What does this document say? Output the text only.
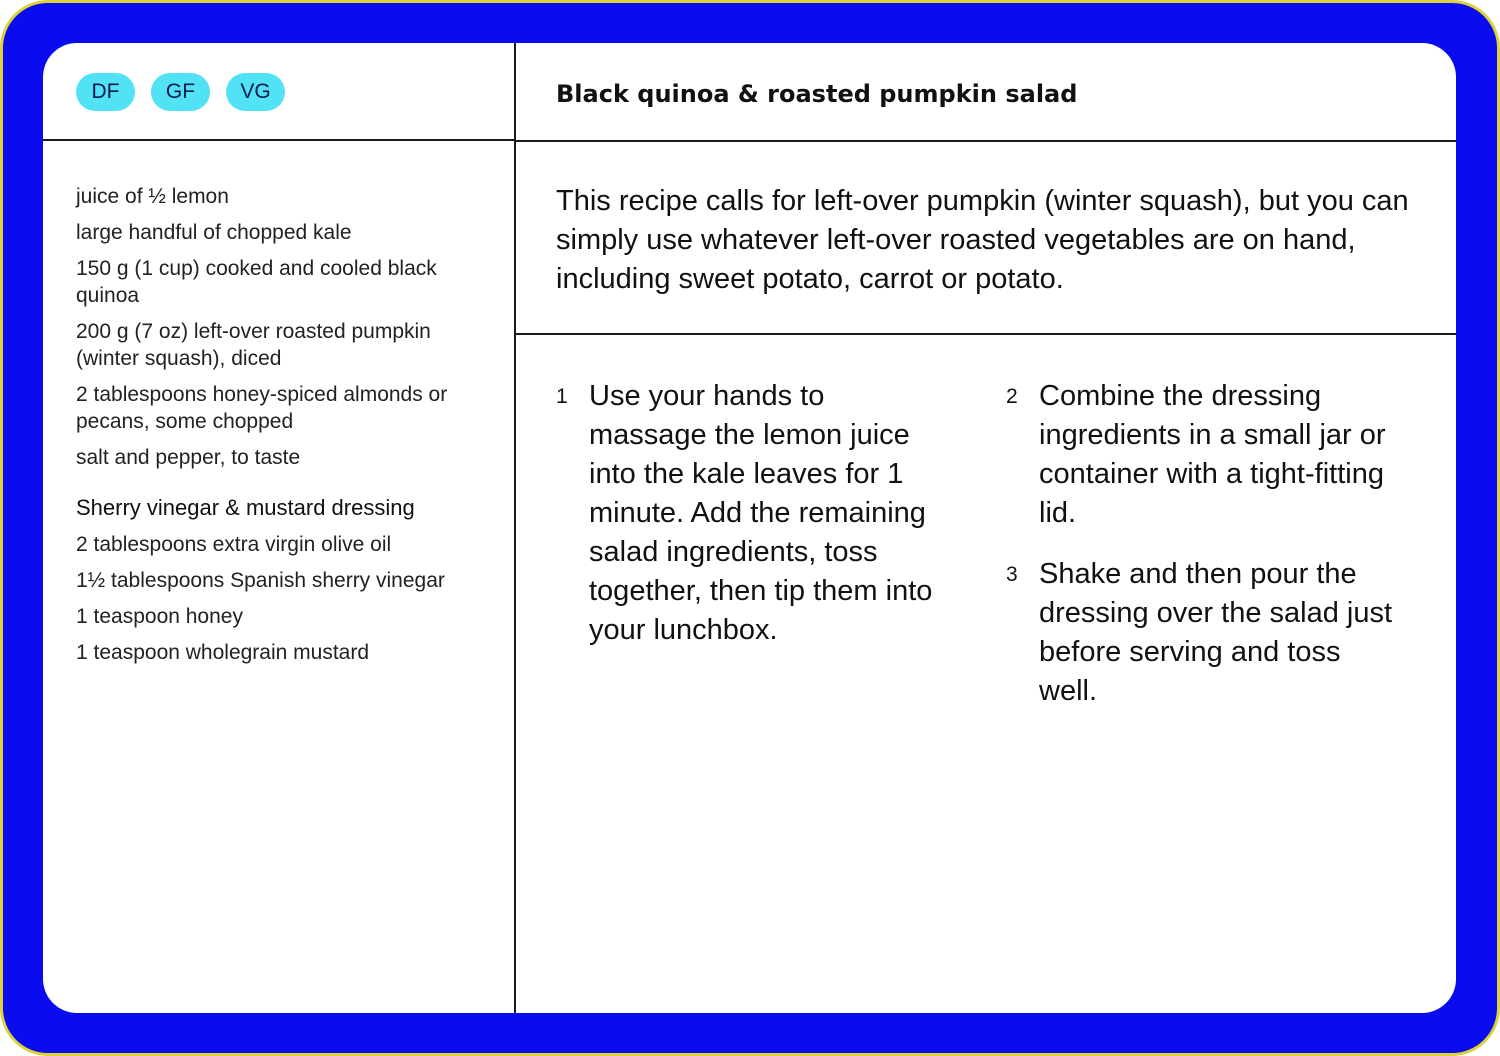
DF	GF	VG	Black quinoa & roasted pumpkin salad
juice of ½ lemon
large handful of chopped kale
150 g (1 cup) cooked and cooled black quinoa
200 g (7 oz) left-over roasted pumpkin (winter squash), diced
2 tablespoons honey-spiced almonds or pecans, some chopped
salt and pepper, to taste
Sherry vinegar & mustard dressing
2 tablespoons extra virgin olive oil
1½ tablespoons Spanish sherry vinegar
1 teaspoon honey
1 teaspoon wholegrain mustard

This recipe calls for left-over pumpkin (winter squash), but you can simply use whatever left-over roasted vegetables are on hand, including sweet potato, carrot or potato.

1 Use your hands to massage the lemon juice into the kale leaves for 1 minute. Add the remaining salad ingredients, toss together, then tip them into your lunchbox.
2 Combine the dressing ingredients in a small jar or container with a tight-fitting lid.
3 Shake and then pour the dressing over the salad just before serving and toss well.
